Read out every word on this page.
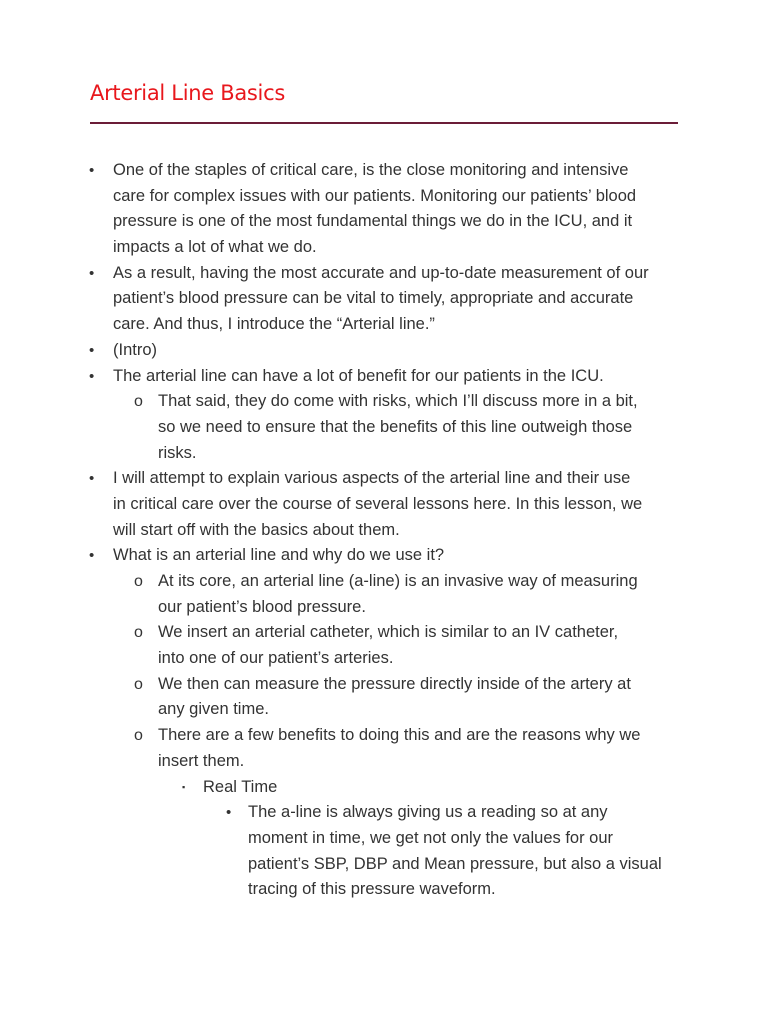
Arterial Line Basics
• One of the staples of critical care, is the close monitoring and intensive
care for complex issues with our patients. Monitoring our patients’ blood
pressure is one of the most fundamental things we do in the ICU, and it
impacts a lot of what we do.
• As a result, having the most accurate and up-to-date measurement of our
patient’s blood pressure can be vital to timely, appropriate and accurate
care. And thus, I introduce the “Arterial line.”
• (Intro)
• The arterial line can have a lot of benefit for our patients in the ICU.
o That said, they do come with risks, which I’ll discuss more in a bit,
so we need to ensure that the benefits of this line outweigh those
risks.
• I will attempt to explain various aspects of the arterial line and their use
in critical care over the course of several lessons here. In this lesson, we
will start off with the basics about them.
• What is an arterial line and why do we use it?
o At its core, an arterial line (a-line) is an invasive way of measuring
our patient’s blood pressure.
o We insert an arterial catheter, which is similar to an IV catheter,
into one of our patient’s arteries.
o We then can measure the pressure directly inside of the artery at
any given time.
o There are a few benefits to doing this and are the reasons why we
insert them.
▪ Real Time
• The a-line is always giving us a reading so at any
moment in time, we get not only the values for our
patient’s SBP, DBP and Mean pressure, but also a visual
tracing of this pressure waveform.
